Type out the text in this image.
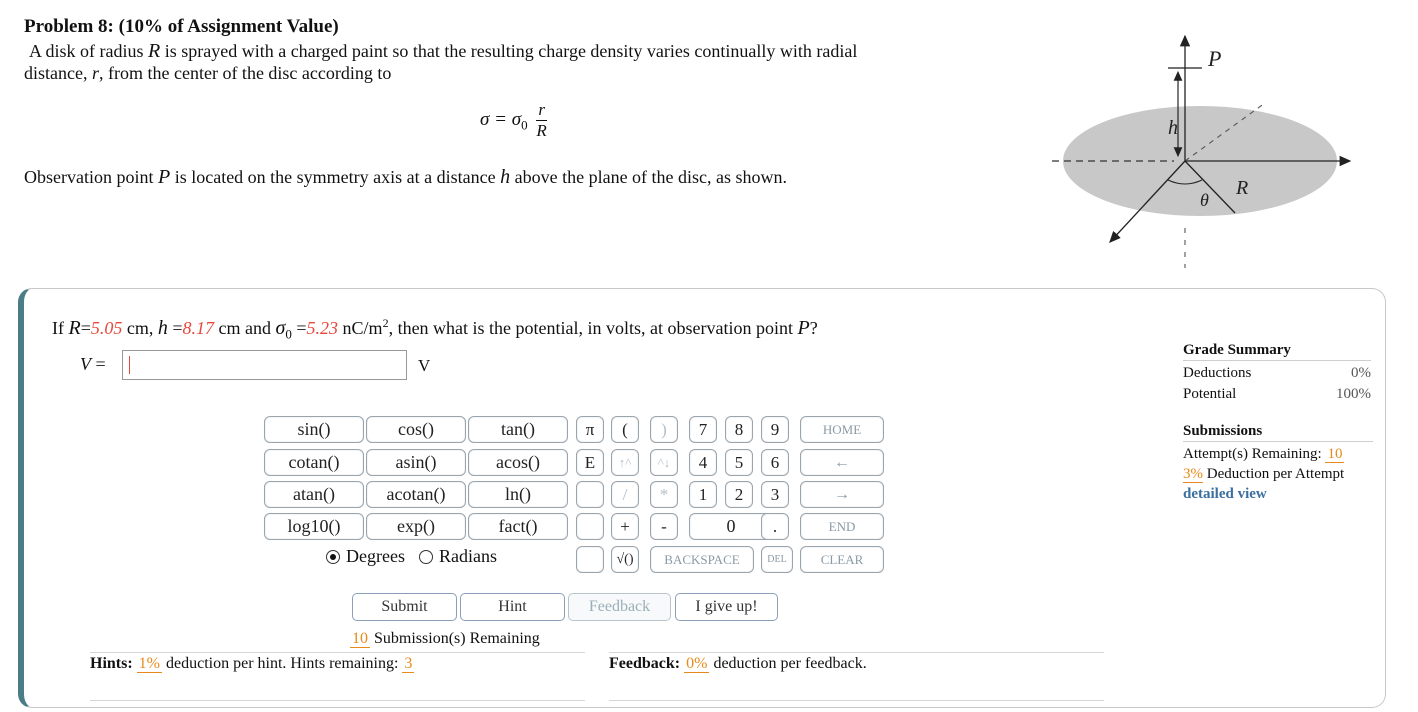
Problem 8: (10% of Assignment Value)
A disk of radius R is sprayed with a charged paint so that the resulting charge density varies continually with radial
distance, r, from the center of the disc according to
$\sigma = \sigma_0 \frac{r}{R}$
Observation point P is located on the symmetry axis at a distance h above the plane of the disc, as shown.
P
h
θ
R
If R=5.05 cm, h =8.17 cm and $\sigma_0 =5.23$ $nC/m^2$, then what is the potential, in volts, at observation point P?
V =	V
sin()	cos()	tan()
cotan()	asin()	acos()
atan()	acotan()	ln()
log10()	exp()	fact()
π	(	)
E	↑^	^↓
/	*
+	-
√()
7	8	9
4	5	6
1	2	3
0	.
HOME
←
→
END
BACKSPACE	DEL	CLEAR
Degrees Radians
Submit	Hint	Feedback	I give up!
10 Submission(s) Remaining
Hints: 1% deduction per hint. Hints remaining: 3	Feedback: 0% deduction per feedback.
Grade Summary
Deductions	0%
Potential	100%
Submissions
Attempt(s) Remaining: 10
3% Deduction per Attempt
detailed view
